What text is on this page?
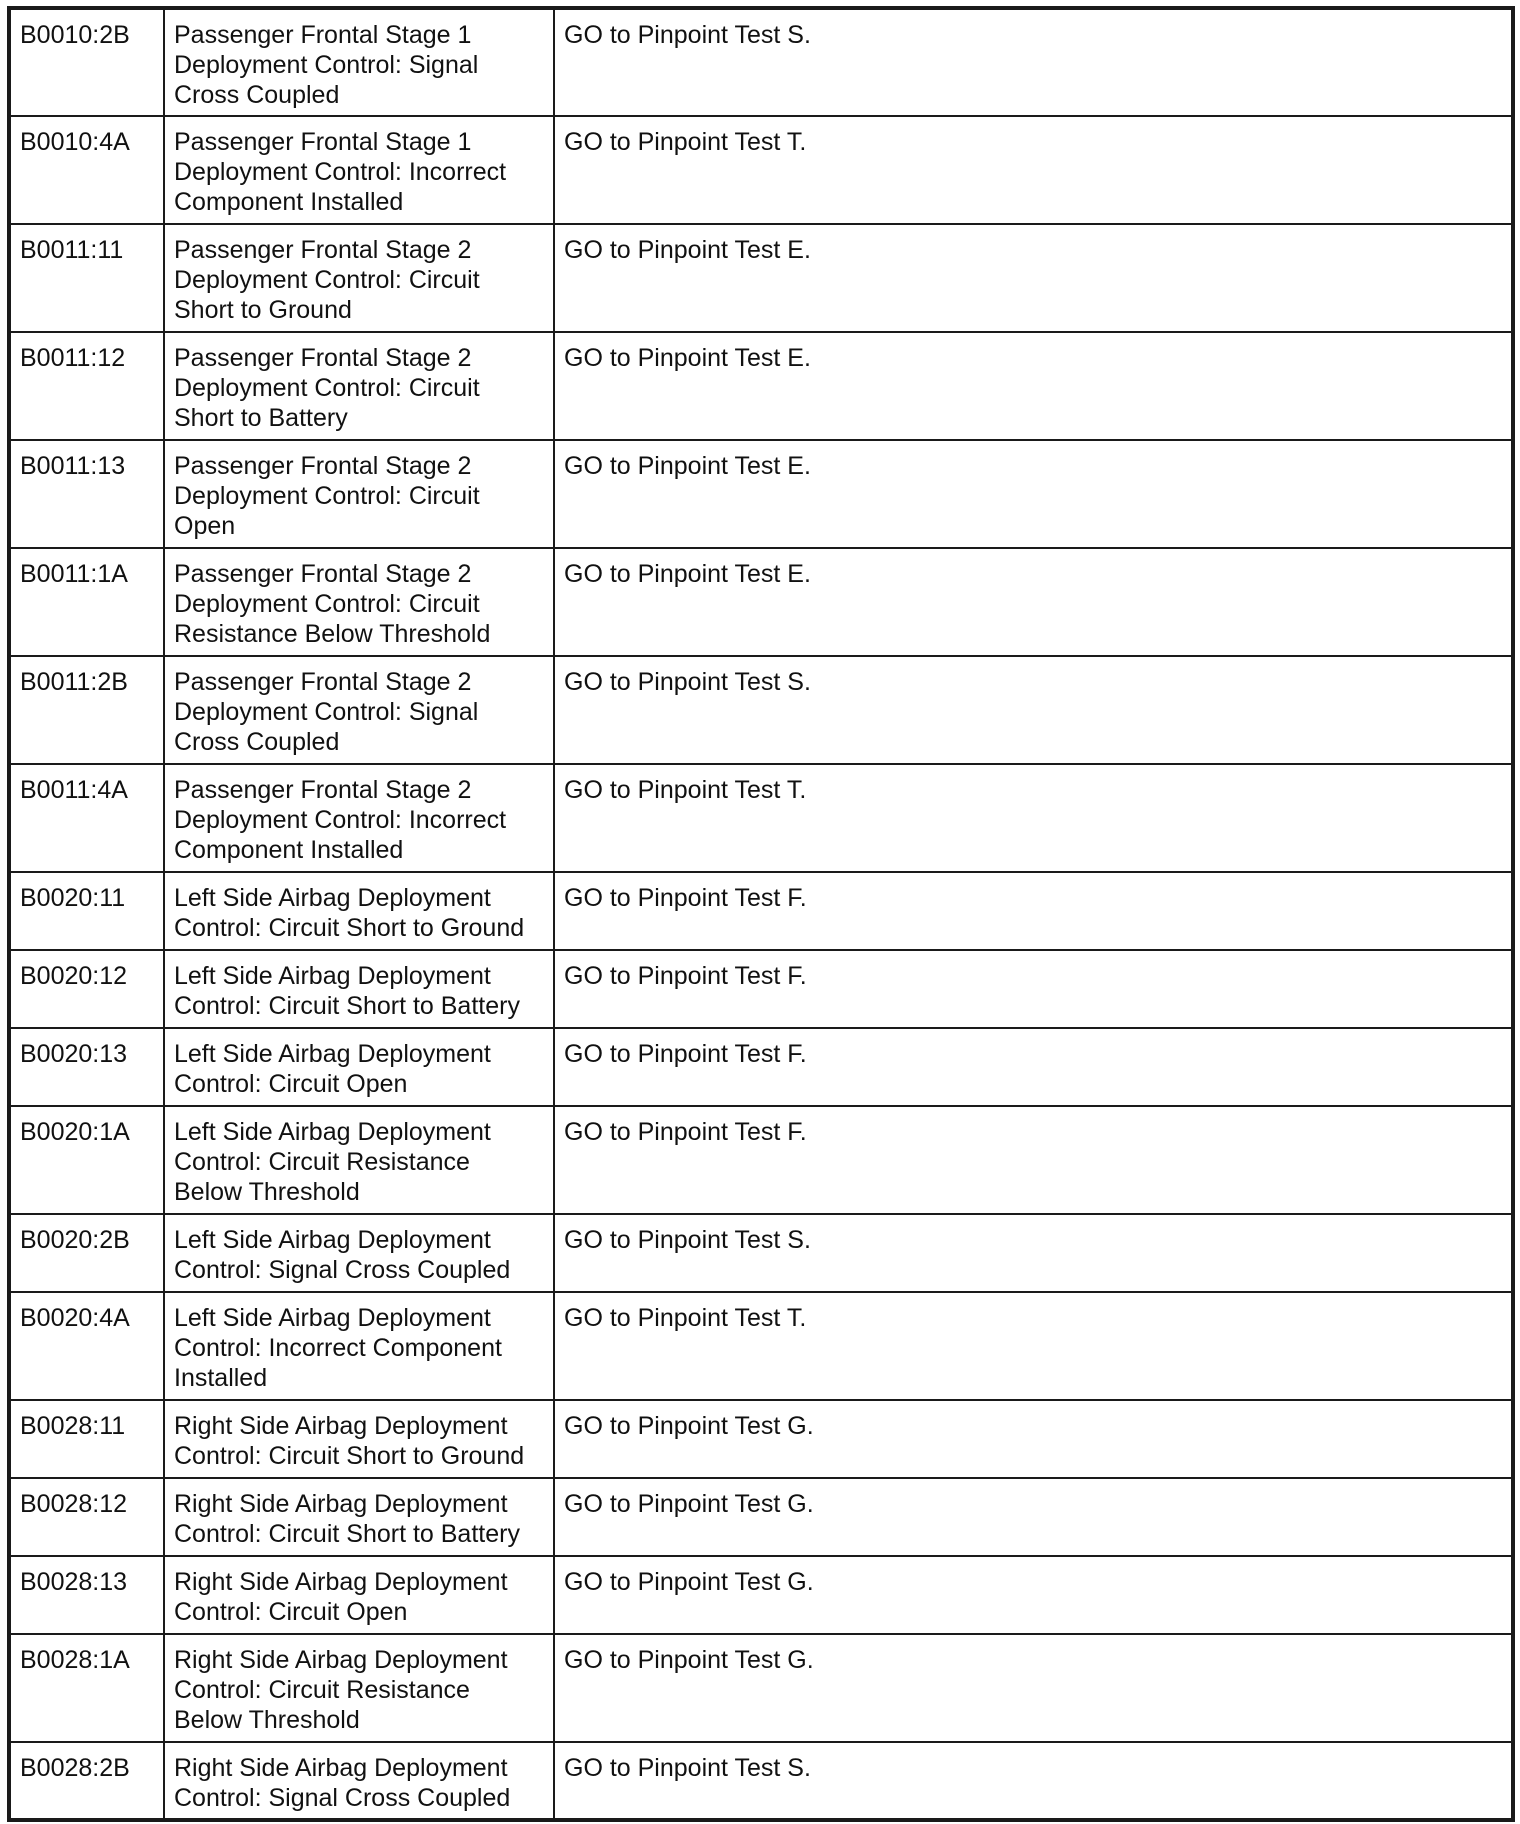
B0010:2B	Passenger Frontal Stage 1 Deployment Control: Signal Cross Coupled	GO to Pinpoint Test S.
B0010:4A	Passenger Frontal Stage 1 Deployment Control: Incorrect Component Installed	GO to Pinpoint Test T.
B0011:11	Passenger Frontal Stage 2 Deployment Control: Circuit Short to Ground	GO to Pinpoint Test E.
B0011:12	Passenger Frontal Stage 2 Deployment Control: Circuit Short to Battery	GO to Pinpoint Test E.
B0011:13	Passenger Frontal Stage 2 Deployment Control: Circuit Open	GO to Pinpoint Test E.
B0011:1A	Passenger Frontal Stage 2 Deployment Control: Circuit Resistance Below Threshold	GO to Pinpoint Test E.
B0011:2B	Passenger Frontal Stage 2 Deployment Control: Signal Cross Coupled	GO to Pinpoint Test S.
B0011:4A	Passenger Frontal Stage 2 Deployment Control: Incorrect Component Installed	GO to Pinpoint Test T.
B0020:11	Left Side Airbag Deployment Control: Circuit Short to Ground	GO to Pinpoint Test F.
B0020:12	Left Side Airbag Deployment Control: Circuit Short to Battery	GO to Pinpoint Test F.
B0020:13	Left Side Airbag Deployment Control: Circuit Open	GO to Pinpoint Test F.
B0020:1A	Left Side Airbag Deployment Control: Circuit Resistance Below Threshold	GO to Pinpoint Test F.
B0020:2B	Left Side Airbag Deployment Control: Signal Cross Coupled	GO to Pinpoint Test S.
B0020:4A	Left Side Airbag Deployment Control: Incorrect Component Installed	GO to Pinpoint Test T.
B0028:11	Right Side Airbag Deployment Control: Circuit Short to Ground	GO to Pinpoint Test G.
B0028:12	Right Side Airbag Deployment Control: Circuit Short to Battery	GO to Pinpoint Test G.
B0028:13	Right Side Airbag Deployment Control: Circuit Open	GO to Pinpoint Test G.
B0028:1A	Right Side Airbag Deployment Control: Circuit Resistance Below Threshold	GO to Pinpoint Test G.
B0028:2B	Right Side Airbag Deployment Control: Signal Cross Coupled	GO to Pinpoint Test S.
